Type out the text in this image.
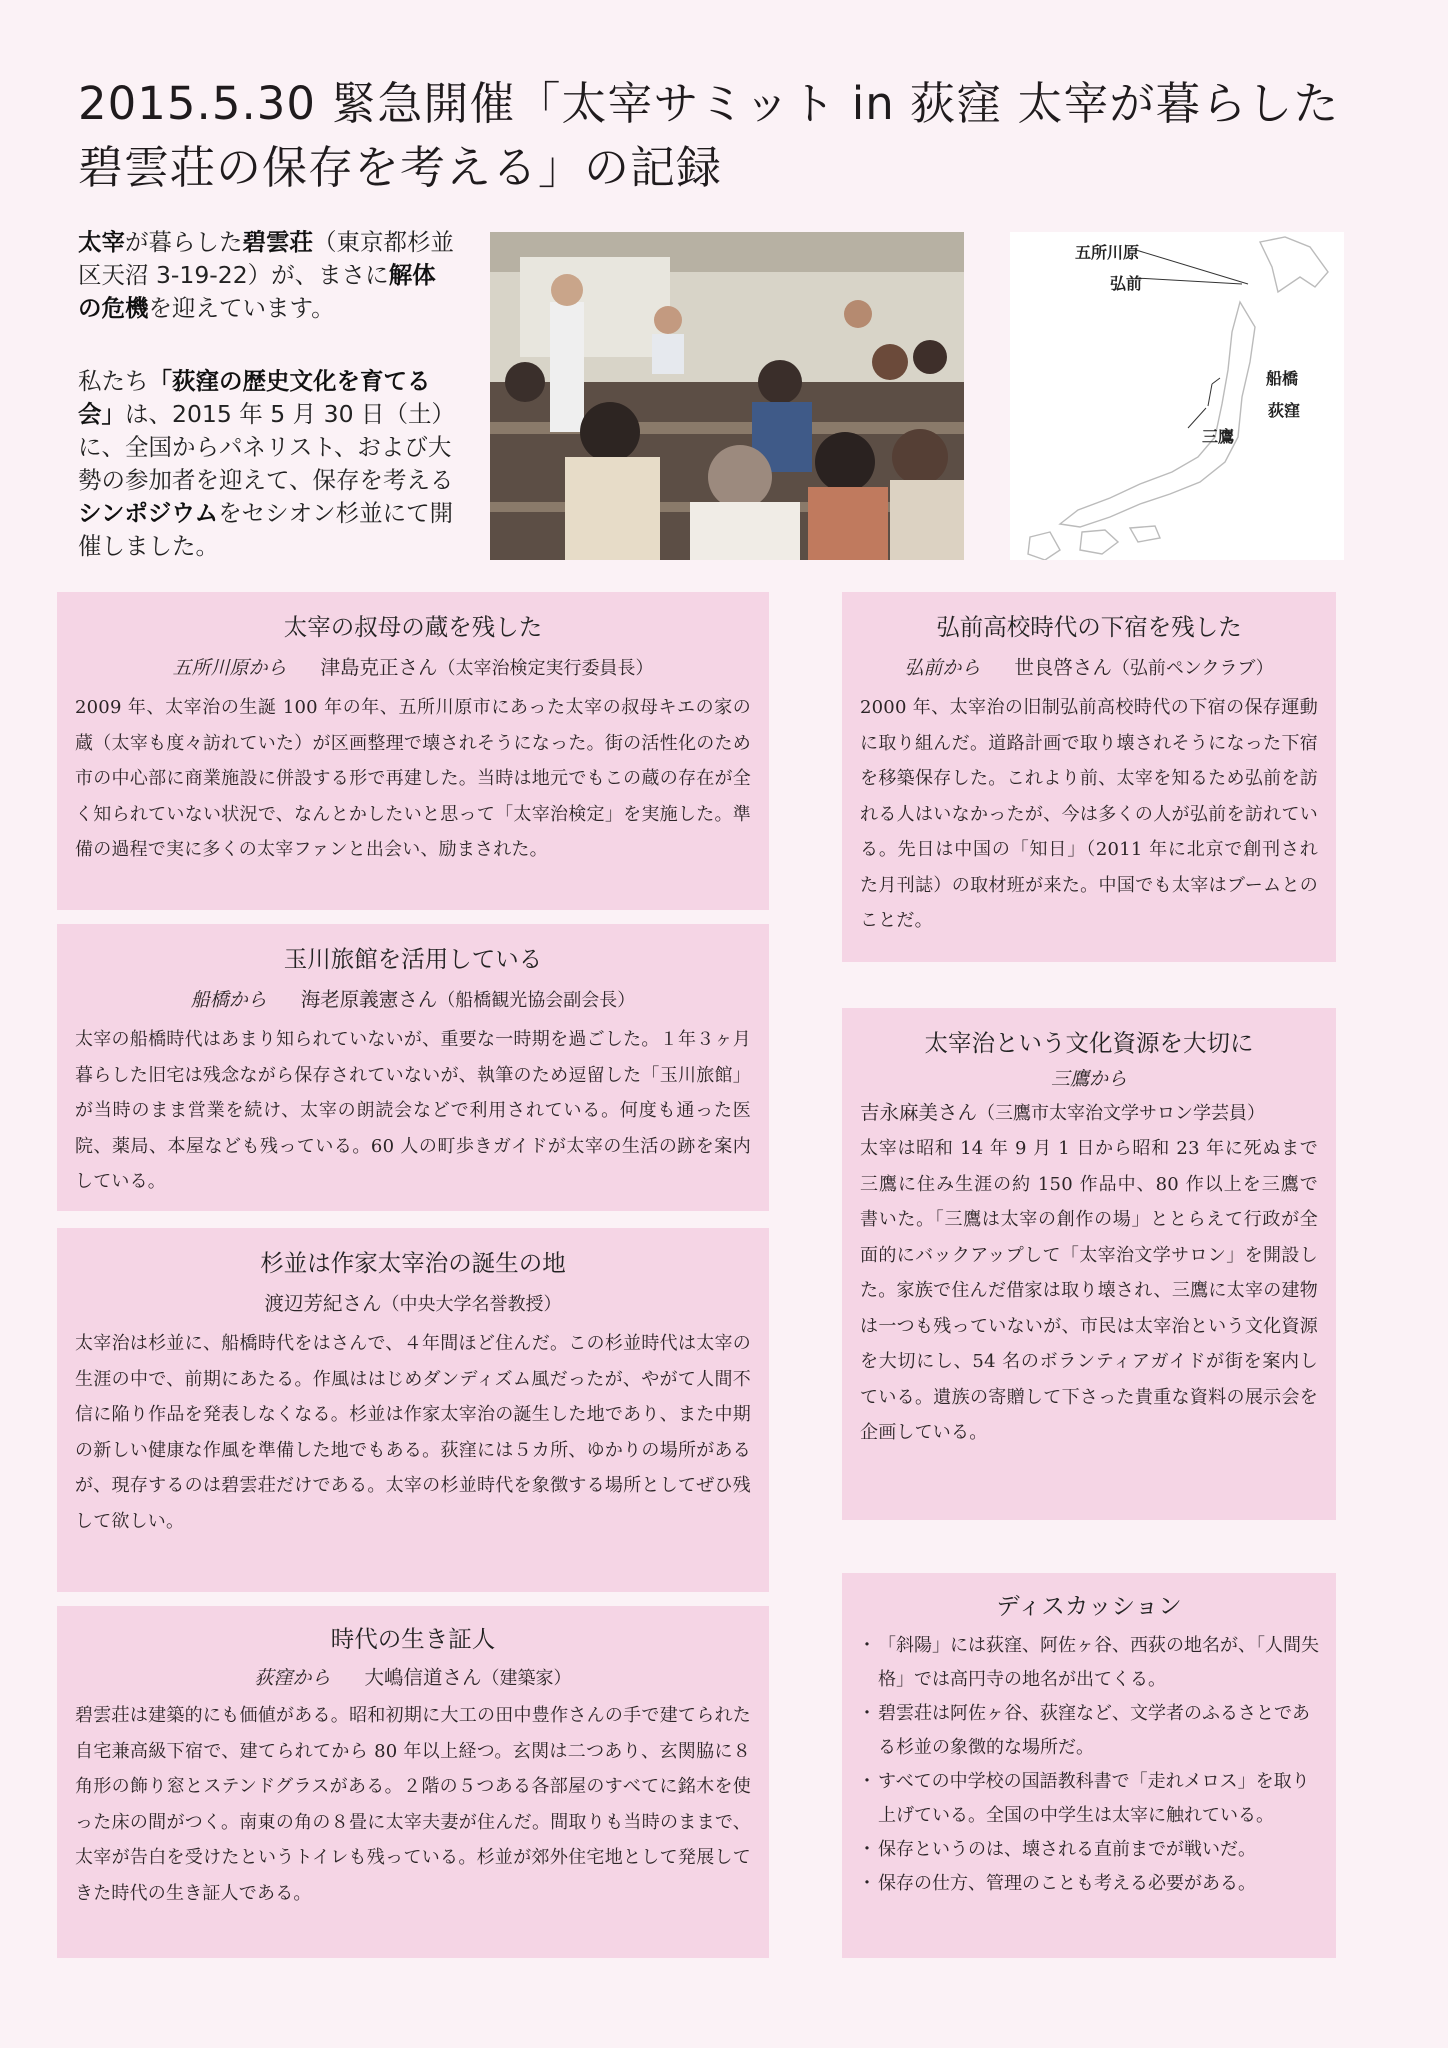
2015.5.30 緊急開催「太宰サミット in 荻窪 太宰が暮らした碧雲荘の保存を考える」の記録
太宰が暮らした碧雲荘（東京都杉並区天沼 3-19-22）が、まさに解体の危機を迎えています。
私たち「荻窪の歴史文化を育てる会」は、2015 年 5 月 30 日（土）に、全国からパネリスト、および大勢の参加者を迎えて、保存を考えるシンポジウムをセシオン杉並にて開催しました。
五所川原
弘前
船橋
荻窪
三鷹
太宰の叔母の蔵を残した
五所川原から 津島克正さん（太宰治検定実行委員長）

2009 年、太宰治の生誕 100 年の年、五所川原市にあった太宰の叔母キエの家の蔵（太宰も度々訪れていた）が区画整理で壊されそうになった。街の活性化のため市の中心部に商業施設に併設する形で再建した。当時は地元でもこの蔵の存在が全く知られていない状況で、なんとかしたいと思って「太宰治検定」を実施した。準備の過程で実に多くの太宰ファンと出会い、励まされた。

玉川旅館を活用している
船橋から 海老原義憲さん（船橋観光協会副会長）

太宰の船橋時代はあまり知られていないが、重要な一時期を過ごした。１年３ヶ月暮らした旧宅は残念ながら保存されていないが、執筆のため逗留した「玉川旅館」が当時のまま営業を続け、太宰の朗読会などで利用されている。何度も通った医院、薬局、本屋なども残っている。60 人の町歩きガイドが太宰の生活の跡を案内している。

杉並は作家太宰治の誕生の地
渡辺芳紀さん（中央大学名誉教授）

太宰治は杉並に、船橋時代をはさんで、４年間ほど住んだ。この杉並時代は太宰の生涯の中で、前期にあたる。作風ははじめダンディズム風だったが、やがて人間不信に陥り作品を発表しなくなる。杉並は作家太宰治の誕生した地であり、また中期の新しい健康な作風を準備した地でもある。荻窪には５カ所、ゆかりの場所があるが、現存するのは碧雲荘だけである。太宰の杉並時代を象徴する場所としてぜひ残して欲しい。

時代の生き証人
荻窪から 大嶋信道さん（建築家）

碧雲荘は建築的にも価値がある。昭和初期に大工の田中豊作さんの手で建てられた自宅兼高級下宿で、建てられてから 80 年以上経つ。玄関は二つあり、玄関脇に８角形の飾り窓とステンドグラスがある。２階の５つある各部屋のすべてに銘木を使った床の間がつく。南東の角の８畳に太宰夫妻が住んだ。間取りも当時のままで、太宰が告白を受けたというトイレも残っている。杉並が郊外住宅地として発展してきた時代の生き証人である。

弘前高校時代の下宿を残した
弘前から 世良啓さん（弘前ペンクラブ）

2000 年、太宰治の旧制弘前高校時代の下宿の保存運動に取り組んだ。道路計画で取り壊されそうになった下宿を移築保存した。これより前、太宰を知るため弘前を訪れる人はいなかったが、今は多くの人が弘前を訪れている。先日は中国の「知日」（2011 年に北京で創刊された月刊誌）の取材班が来た。中国でも太宰はブームとのことだ。

太宰治という文化資源を大切に
三鷹から
吉永麻美さん（三鷹市太宰治文学サロン学芸員）

太宰は昭和 14 年 9 月 1 日から昭和 23 年に死ぬまで三鷹に住み生涯の約 150 作品中、80 作以上を三鷹で書いた。「三鷹は太宰の創作の場」ととらえて行政が全面的にバックアップして「太宰治文学サロン」を開設した。家族で住んだ借家は取り壊され、三鷹に太宰の建物は一つも残っていないが、市民は太宰治という文化資源を大切にし、54 名のボランティアガイドが街を案内している。遺族の寄贈して下さった貴重な資料の展示会を企画している。

ディスカッション
・ 「斜陽」には荻窪、阿佐ヶ谷、西荻の地名が、「人間失格」では高円寺の地名が出てくる。
・ 碧雲荘は阿佐ヶ谷、荻窪など、文学者のふるさとである杉並の象徴的な場所だ。
・ すべての中学校の国語教科書で「走れメロス」を取り上げている。全国の中学生は太宰に触れている。
・ 保存というのは、壊される直前までが戦いだ。
・ 保存の仕方、管理のことも考える必要がある。
